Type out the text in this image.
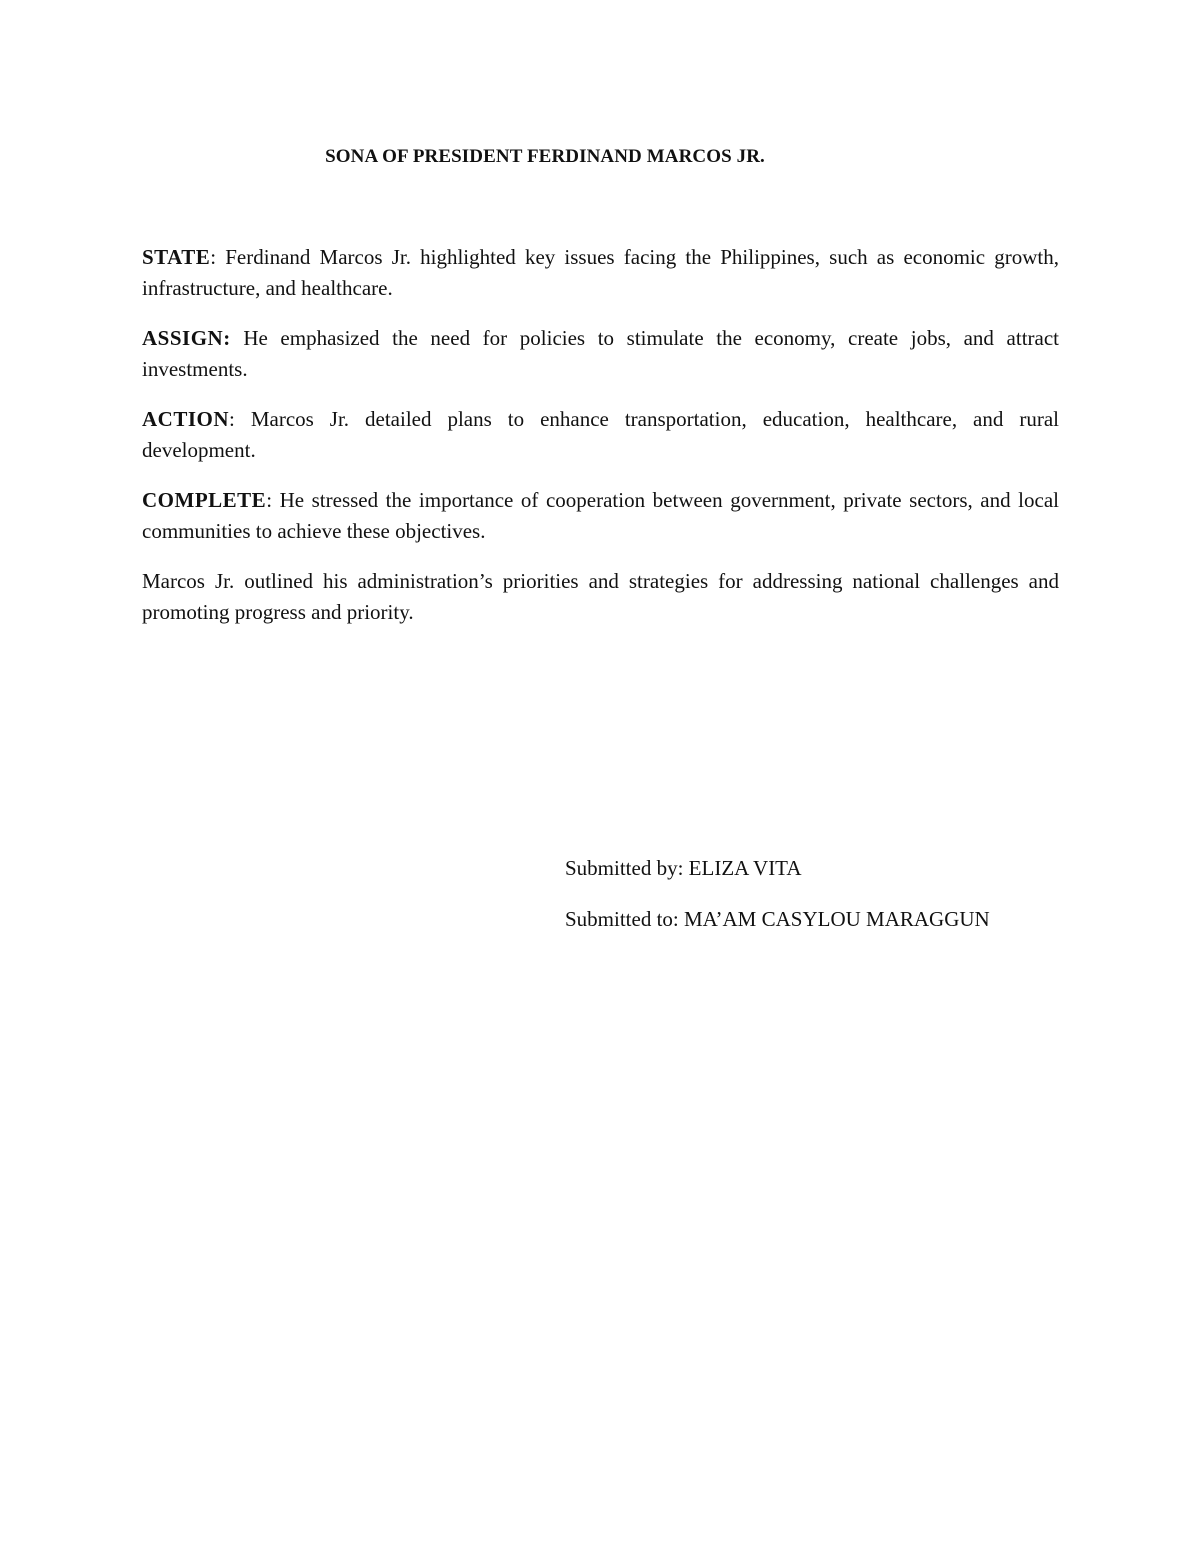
SONA OF PRESIDENT FERDINAND MARCOS JR.

STATE: Ferdinand Marcos Jr. highlighted key issues facing the Philippines, such as economic growth, infrastructure, and healthcare.

ASSIGN: He emphasized the need for policies to stimulate the economy, create jobs, and attract investments.

ACTION: Marcos Jr. detailed plans to enhance transportation, education, healthcare, and rural development.

COMPLETE: He stressed the importance of cooperation between government, private sectors, and local communities to achieve these objectives.

Marcos Jr. outlined his administration’s priorities and strategies for addressing national challenges and promoting progress and priority.

Submitted by: ELIZA VITA

Submitted to: MA’AM CASYLOU MARAGGUN
